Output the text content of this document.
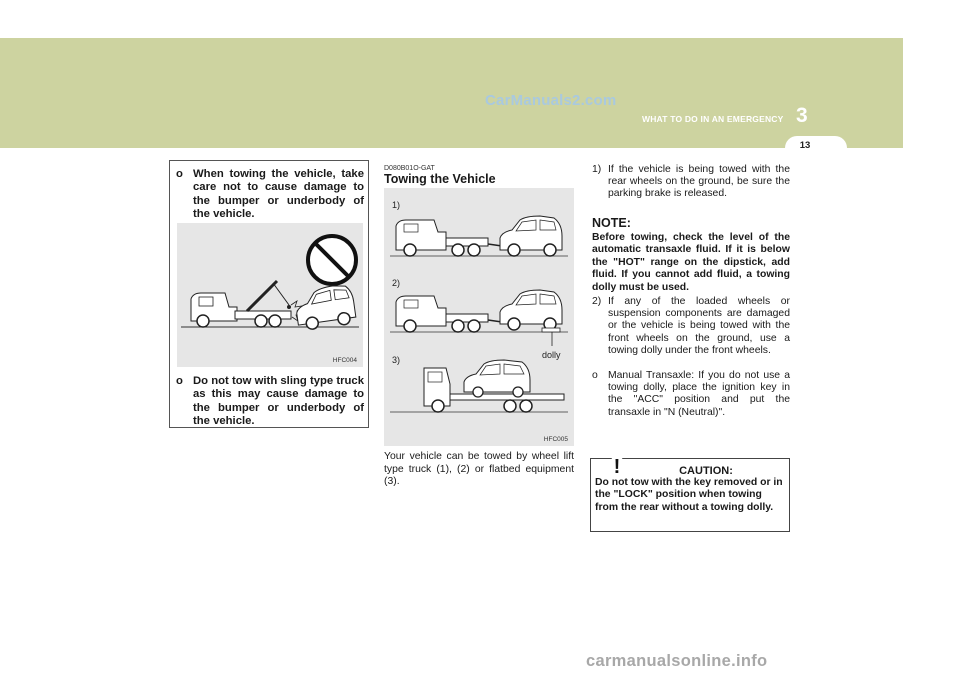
CarManuals2.com
3
WHAT TO DO IN AN EMERGENCY
13
o When towing the vehicle, take care not to cause damage to the bumper or underbody of the vehicle.
HFC004
o Do not tow with sling type truck as this may cause damage to the bumper or underbody of the vehicle.
D080B01O-GAT
Towing the Vehicle
1)
2)
3)	dolly
HFC005
Your vehicle can be towed by wheel lift type truck (1), (2) or flatbed equipment (3).
1) If the vehicle is being towed with the rear wheels on the ground, be sure the parking brake is released.
NOTE:
Before towing, check the level of the automatic transaxle fluid. If it is below the "HOT" range on the dipstick, add fluid. If you cannot add fluid, a towing dolly must be used.
2) If any of the loaded wheels or suspension components are damaged or the vehicle is being towed with the front wheels on the ground, use a towing dolly under the front wheels.
o Manual Transaxle: If you do not use a towing dolly, place the ignition key in the "ACC" position and put the transaxle in "N (Neutral)".
!	CAUTION:
Do not tow with the key removed or in the "LOCK" position when towing from the rear without a towing dolly.
carmanualsonline.info
